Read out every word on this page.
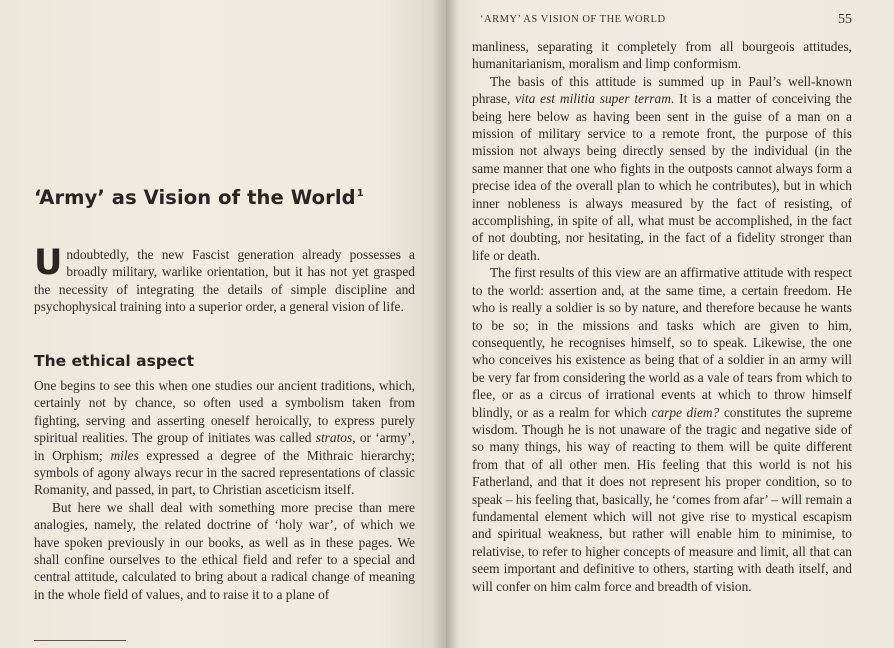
‘Army’ as Vision of the World$^1$

Undoubtedly, the new Fascist generation already possesses a broadly military, warlike orientation, but it has not yet grasped the necessity of integrating the details of simple discipline and psychophysical training into a superior order, a general vision of life.

The ethical aspect

One begins to see this when one studies our ancient traditions, which, certainly not by chance, so often used a symbolism taken from fighting, serving and asserting oneself heroically, to express purely spiritual realities. The group of initiates was called stratos, or ‘army’, in Orphism; miles expressed a degree of the Mithraic hierarchy; symbols of agony always recur in the sacred representations of classic Romanity, and passed, in part, to Christian asceticism itself.

But here we shall deal with something more precise than mere analogies, namely, the related doctrine of ‘holy war’, of which we have spoken previously in our books, as well as in these pages. We shall confine ourselves to the ethical field and refer to a special and central attitude, calculated to bring about a radical change of meaning in the whole field of values, and to raise it to a plane of

‘ARMY’ AS VISION OF THE WORLD	55

manliness, separating it completely from all bourgeois attitudes, humanitarianism, moralism and limp conformism.

The basis of this attitude is summed up in Paul’s well-known phrase, vita est militia super terram. It is a matter of conceiving the being here below as having been sent in the guise of a man on a mission of military service to a remote front, the purpose of this mission not always being directly sensed by the individual (in the same manner that one who fights in the outposts cannot always form a precise idea of the overall plan to which he contributes), but in which inner nobleness is always measured by the fact of resisting, of accomplishing, in spite of all, what must be accomplished, in the fact of not doubting, nor hesitating, in the fact of a fidelity stronger than life or death.

The first results of this view are an affirmative attitude with respect to the world: assertion and, at the same time, a certain freedom. He who is really a soldier is so by nature, and therefore because he wants to be so; in the missions and tasks which are given to him, consequently, he recognises himself, so to speak. Likewise, the one who conceives his existence as being that of a soldier in an army will be very far from considering the world as a vale of tears from which to flee, or as a circus of irrational events at which to throw himself blindly, or as a realm for which carpe diem? constitutes the supreme wisdom. Though he is not unaware of the tragic and negative side of so many things, his way of reacting to them will be quite different from that of all other men. His feeling that this world is not his Fatherland, and that it does not represent his proper condition, so to speak – his feeling that, basically, he ‘comes from afar’ – will remain a fundamental element which will not give rise to mystical escapism and spiritual weakness, but rather will enable him to minimise, to relativise, to refer to higher concepts of measure and limit, all that can seem important and definitive to others, starting with death itself, and will confer on him calm force and breadth of vision.
